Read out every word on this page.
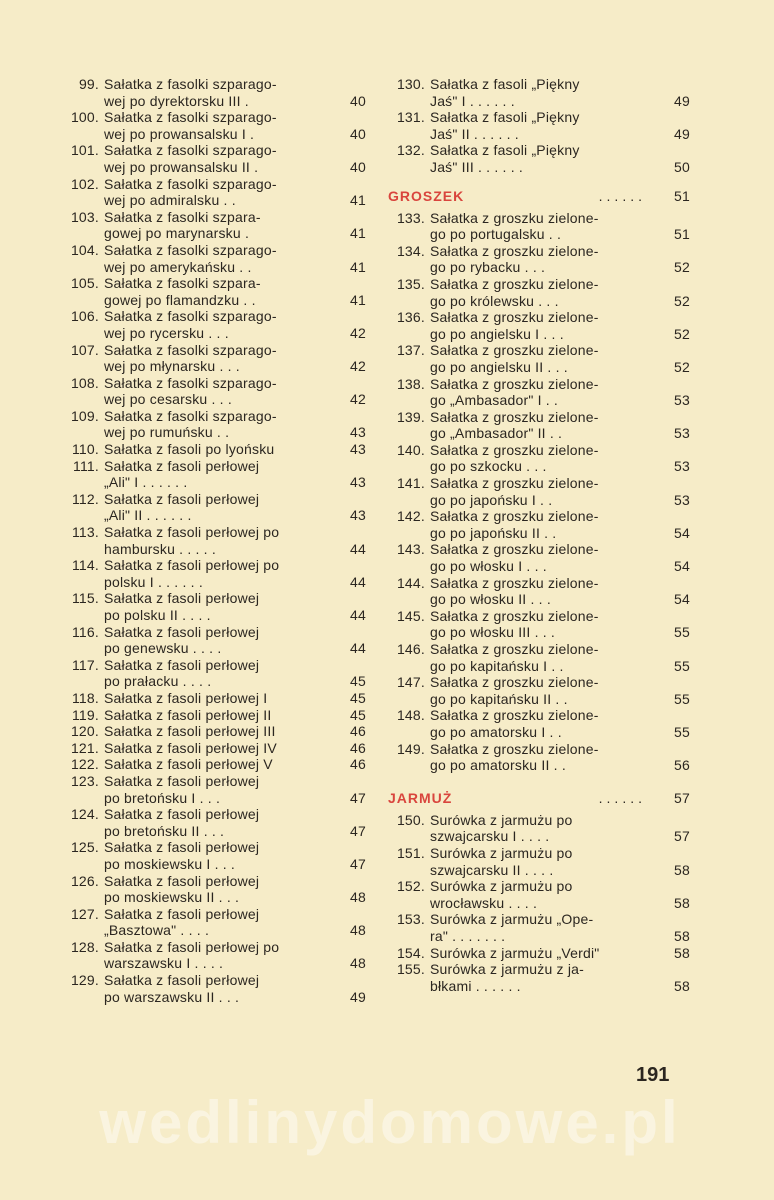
99. Sałatka z fasolki szparago-
wej po dyrektorsku III .	40
100. Sałatka z fasolki szparago-
wej po prowansalsku I .	40
101. Sałatka z fasolki szparago-
wej po prowansalsku II .	40
102. Sałatka z fasolki szparago-
wej po admiralsku . .	41
103. Sałatka z fasolki szpara-
gowej po marynarsku .	41
104. Sałatka z fasolki szparago-
wej po amerykańsku . .	41
105. Sałatka z fasolki szpara-
gowej po flamandzku . .	41
106. Sałatka z fasolki szparago-
wej po rycersku . . .	42
107. Sałatka z fasolki szparago-
wej po młynarsku . . .	42
108. Sałatka z fasolki szparago-
wej po cesarsku . . .	42
109. Sałatka z fasolki szparago-
wej po rumuńsku . .	43
110. Sałatka z fasoli po lyońsku	43
111. Sałatka z fasoli perłowej
„Ali" I . . . . . .	43
112. Sałatka z fasoli perłowej
„Ali" II . . . . . .	43
113. Sałatka z fasoli perłowej po
hambursku . . . . .	44
114. Sałatka z fasoli perłowej po
polsku I . . . . . .	44
115. Sałatka z fasoli perłowej
po polsku II . . . .	44
116. Sałatka z fasoli perłowej
po genewsku . . . .	44
117. Sałatka z fasoli perłowej
po prałacku . . . .	45
118. Sałatka z fasoli perłowej I	45
119. Sałatka z fasoli perłowej II	45
120. Sałatka z fasoli perłowej III	46
121. Sałatka z fasoli perłowej IV	46
122. Sałatka z fasoli perłowej V	46
123. Sałatka z fasoli perłowej
po bretońsku I . . .	47
124. Sałatka z fasoli perłowej
po bretońsku II . . .	47
125. Sałatka z fasoli perłowej
po moskiewsku I . . .	47
126. Sałatka z fasoli perłowej
po moskiewsku II . . .	48
127. Sałatka z fasoli perłowej
„Basztowa" . . . .	48
128. Sałatka z fasoli perłowej po
warszawsku I . . . .	48
129. Sałatka z fasoli perłowej
po warszawsku II . . .	49
130. Sałatka z fasoli „Piękny
Jaś" I . . . . . .	49
131. Sałatka z fasoli „Piękny
Jaś" II . . . . . .	49
132. Sałatka z fasoli „Piękny
Jaś" III . . . . . .	50
GROSZEK	......	51
133. Sałatka z groszku zielone-
go po portugalsku . .	51
134. Sałatka z groszku zielone-
go po rybacku . . .	52
135. Sałatka z groszku zielone-
go po królewsku . . .	52
136. Sałatka z groszku zielone-
go po angielsku I . . .	52
137. Sałatka z groszku zielone-
go po angielsku II . . .	52
138. Sałatka z groszku zielone-
go „Ambasador" I . .	53
139. Sałatka z groszku zielone-
go „Ambasador" II . .	53
140. Sałatka z groszku zielone-
go po szkocku . . .	53
141. Sałatka z groszku zielone-
go po japońsku I . .	53
142. Sałatka z groszku zielone-
go po japońsku II . .	54
143. Sałatka z groszku zielone-
go po włosku I . . .	54
144. Sałatka z groszku zielone-
go po włosku II . . .	54
145. Sałatka z groszku zielone-
go po włosku III . . .	55
146. Sałatka z groszku zielone-
go po kapitańsku I . .	55
147. Sałatka z groszku zielone-
go po kapitańsku II . .	55
148. Sałatka z groszku zielone-
go po amatorsku I . .	55
149. Sałatka z groszku zielone-
go po amatorsku II . .	56
JARMUŻ	......	57
150. Surówka z jarmużu po
szwajcarsku I . . . .	57
151. Surówka z jarmużu po
szwajcarsku II . . . .	58
152. Surówka z jarmużu po
wrocławsku . . . .	58
153. Surówka z jarmużu „Ope-
ra" . . . . . . .	58
154. Surówka z jarmużu „Verdi"	58
155. Surówka z jarmużu z ja-
błkami . . . . . .	58
191
wedlinydomowe.pl
